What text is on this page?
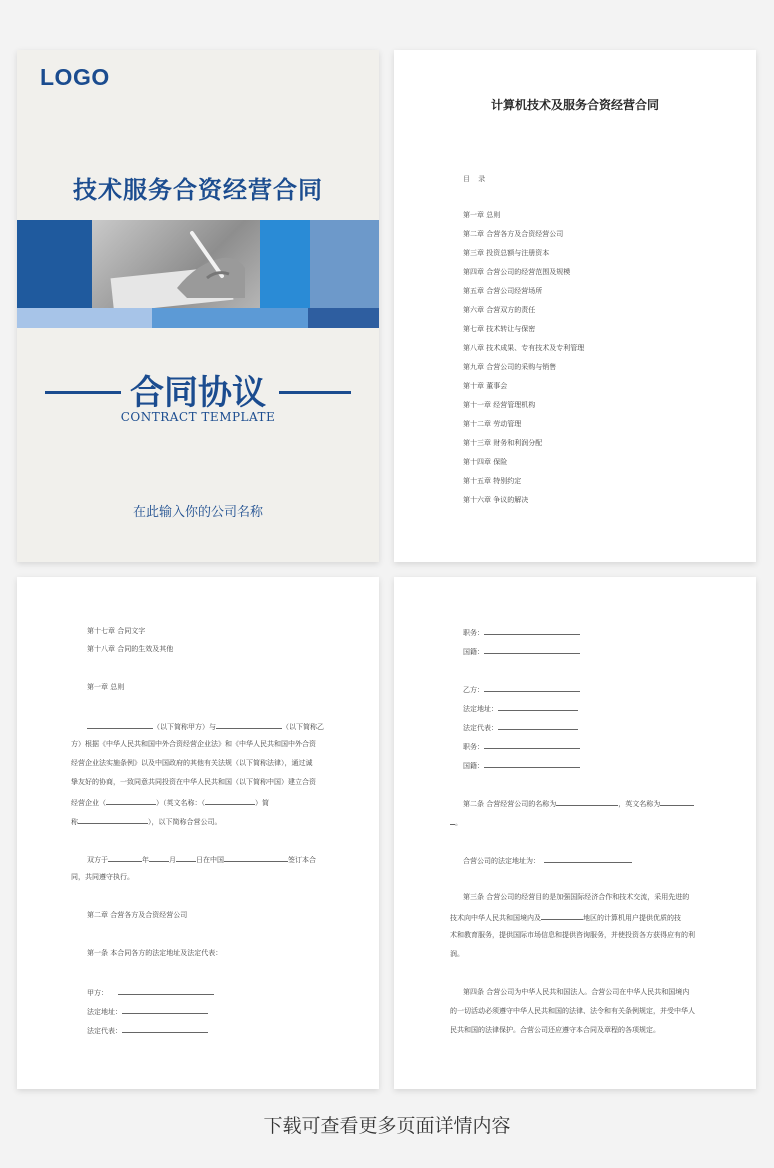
LOGO
技术服务合资经营合同
合同协议
CONTRACT TEMPLATE
在此输入你的公司名称
计算机技术及服务合资经营合同
目 录
第一章 总则
第二章 合营各方及合资经营公司
第三章 投资总额与注册资本
第四章 合营公司的经营范围及规模
第五章 合营公司经营场所
第六章 合营双方的责任
第七章 技术转让与保密
第八章 技术成果、专有技术及专利管理
第九章 合营公司的采购与销售
第十章 董事会
第十一章 经营管理机构
第十二章 劳动管理
第十三章 财务和利润分配
第十四章 保险
第十五章 特别约定
第十六章 争议的解决
第十七章 合同文字
第十八章 合同的生效及其他
第一章 总则
（以下简称甲方）与	（以下简称乙
方）根据《中华人民共和国中外合资经营企业法》和《中华人民共和国中外合资
经营企业法实施条例》以及中国政府的其他有关法规（以下简称法律），通过诚
挚友好的协商，一致同意共同投资在中华人民共和国（以下简称中国）建立合资
经营企业（	）（英文名称：（	）简
称	），以下简称合营公司。
双方于	年	月	日在中国	签订本合
同，共同遵守执行。
第二章 合营各方及合资经营公司
第一条 本合同各方的法定地址及法定代表：
甲方：
法定地址：
法定代表：
职务：
国籍：
乙方：
法定地址：
法定代表：
职务：
国籍：
第二条 合营经营公司的名称为	，英文名称为
。
合营公司的法定地址为：
第三条 合营公司的经营目的是加强国际经济合作和技术交流，采用先进的
技术向中华人民共和国境内及	地区的计算机用户提供优质的技
术和教育服务，提供国际市场信息和提供咨询服务，并使投资各方获得应有的利
润。
第四条 合营公司为中华人民共和国法人。合营公司在中华人民共和国境内
的一切活动必须遵守中华人民共和国的法律、法令和有关条例规定，并受中华人
民共和国的法律保护。合营公司还应遵守本合同及章程的各项规定。
下载可查看更多页面详情内容
